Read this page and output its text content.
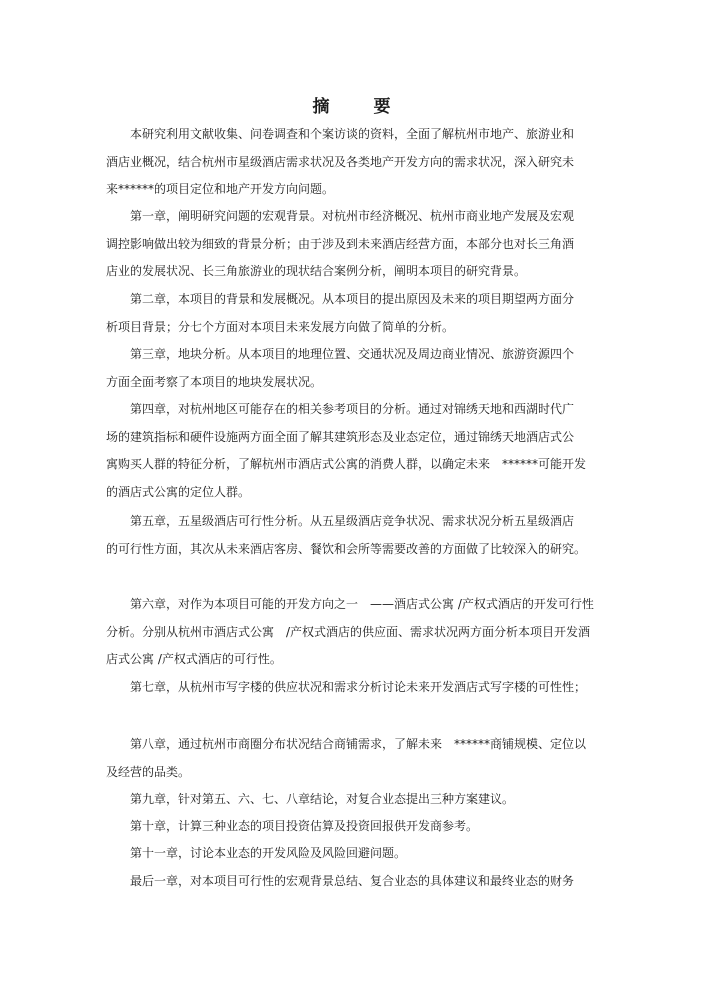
摘	要
本研究利用文献收集、问卷调查和个案访谈的资料，全面了解杭州市地产、旅游业和
酒店业概况，结合杭州市星级酒店需求状况及各类地产开发方向的需求状况，深入研究未
来******的项目定位和地产开发方向问题。
第一章，阐明研究问题的宏观背景。对杭州市经济概况、杭州市商业地产发展及宏观
调控影响做出较为细致的背景分析；由于涉及到未来酒店经营方面，本部分也对长三角酒
店业的发展状况、长三角旅游业的现状结合案例分析，阐明本项目的研究背景。
第二章，本项目的背景和发展概况。从本项目的提出原因及未来的项目期望两方面分
析项目背景；分七个方面对本项目未来发展方向做了简单的分析。
第三章，地块分析。从本项目的地理位置、交通状况及周边商业情况、旅游资源四个
方面全面考察了本项目的地块发展状况。
第四章，对杭州地区可能存在的相关参考项目的分析。通过对锦绣天地和西湖时代广
场的建筑指标和硬件设施两方面全面了解其建筑形态及业态定位，通过锦绣天地酒店式公
寓购买人群的特征分析，了解杭州市酒店式公寓的消费人群，以确定未来　******可能开发
的酒店式公寓的定位人群。
第五章，五星级酒店可行性分析。从五星级酒店竞争状况、需求状况分析五星级酒店
的可行性方面，其次从未来酒店客房、餐饮和会所等需要改善的方面做了比较深入的研究。
第六章，对作为本项目可能的开发方向之一　——酒店式公寓 /产权式酒店的开发可行性
分析。分别从杭州市酒店式公寓　/产权式酒店的供应面、需求状况两方面分析本项目开发酒
店式公寓 /产权式酒店的可行性。
第七章，从杭州市写字楼的供应状况和需求分析讨论未来开发酒店式写字楼的可性性；
第八章，通过杭州市商圈分布状况结合商铺需求，了解未来　******商铺规模、定位以
及经营的品类。
第九章，针对第五、六、七、八章结论，对复合业态提出三种方案建议。
第十章，计算三种业态的项目投资估算及投资回报供开发商参考。
第十一章，讨论本业态的开发风险及风险回避问题。
最后一章，对本项目可行性的宏观背景总结、复合业态的具体建议和最终业态的财务
